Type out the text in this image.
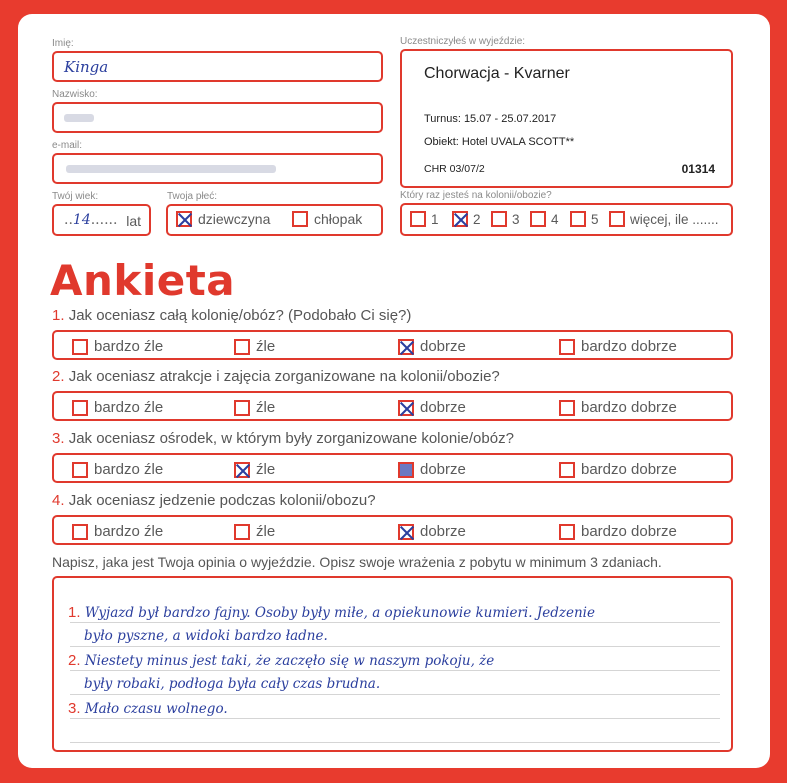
Imię:
Kinga
Nazwisko:
e-mail:
Twój wiek:
..14...... lat
Twoja płeć:
dziewczyna	chłopak
Uczestniczyłeś w wyjeździe:
Chorwacja - Kvarner
Turnus: 15.07 - 25.07.2017
Obiekt: Hotel UVALA SCOTT**
CHR 03/07/2	01314
Który raz jesteś na kolonii/obozie?
1	2 3 4 5 więcej, ile .......
Ankieta
1. Jak oceniasz całą kolonię/obóz? (Podobało Ci się?)
bardzo źle	źle	dobrze	bardzo dobrze
2. Jak oceniasz atrakcje i zajęcia zorganizowane na kolonii/obozie?
bardzo źle	źle	dobrze	bardzo dobrze
3. Jak oceniasz ośrodek, w którym były zorganizowane kolonie/obóz?
bardzo źle	źle	dobrze	bardzo dobrze
4. Jak oceniasz jedzenie podczas kolonii/obozu?
bardzo źle	źle	dobrze	bardzo dobrze
Napisz, jaka jest Twoja opinia o wyjeździe. Opisz swoje wrażenia z pobytu w minimum 3 zdaniach.
1. Wyjazd był bardzo fajny. Osoby były miłe, a opiekunowie kumieri. Jedzenie
było pyszne, a widoki bardzo ładne.
2. Niestety minus jest taki, że zaczęło się w naszym pokoju, że
były robaki, podłoga była cały czas brudna.
3. Mało czasu wolnego.
